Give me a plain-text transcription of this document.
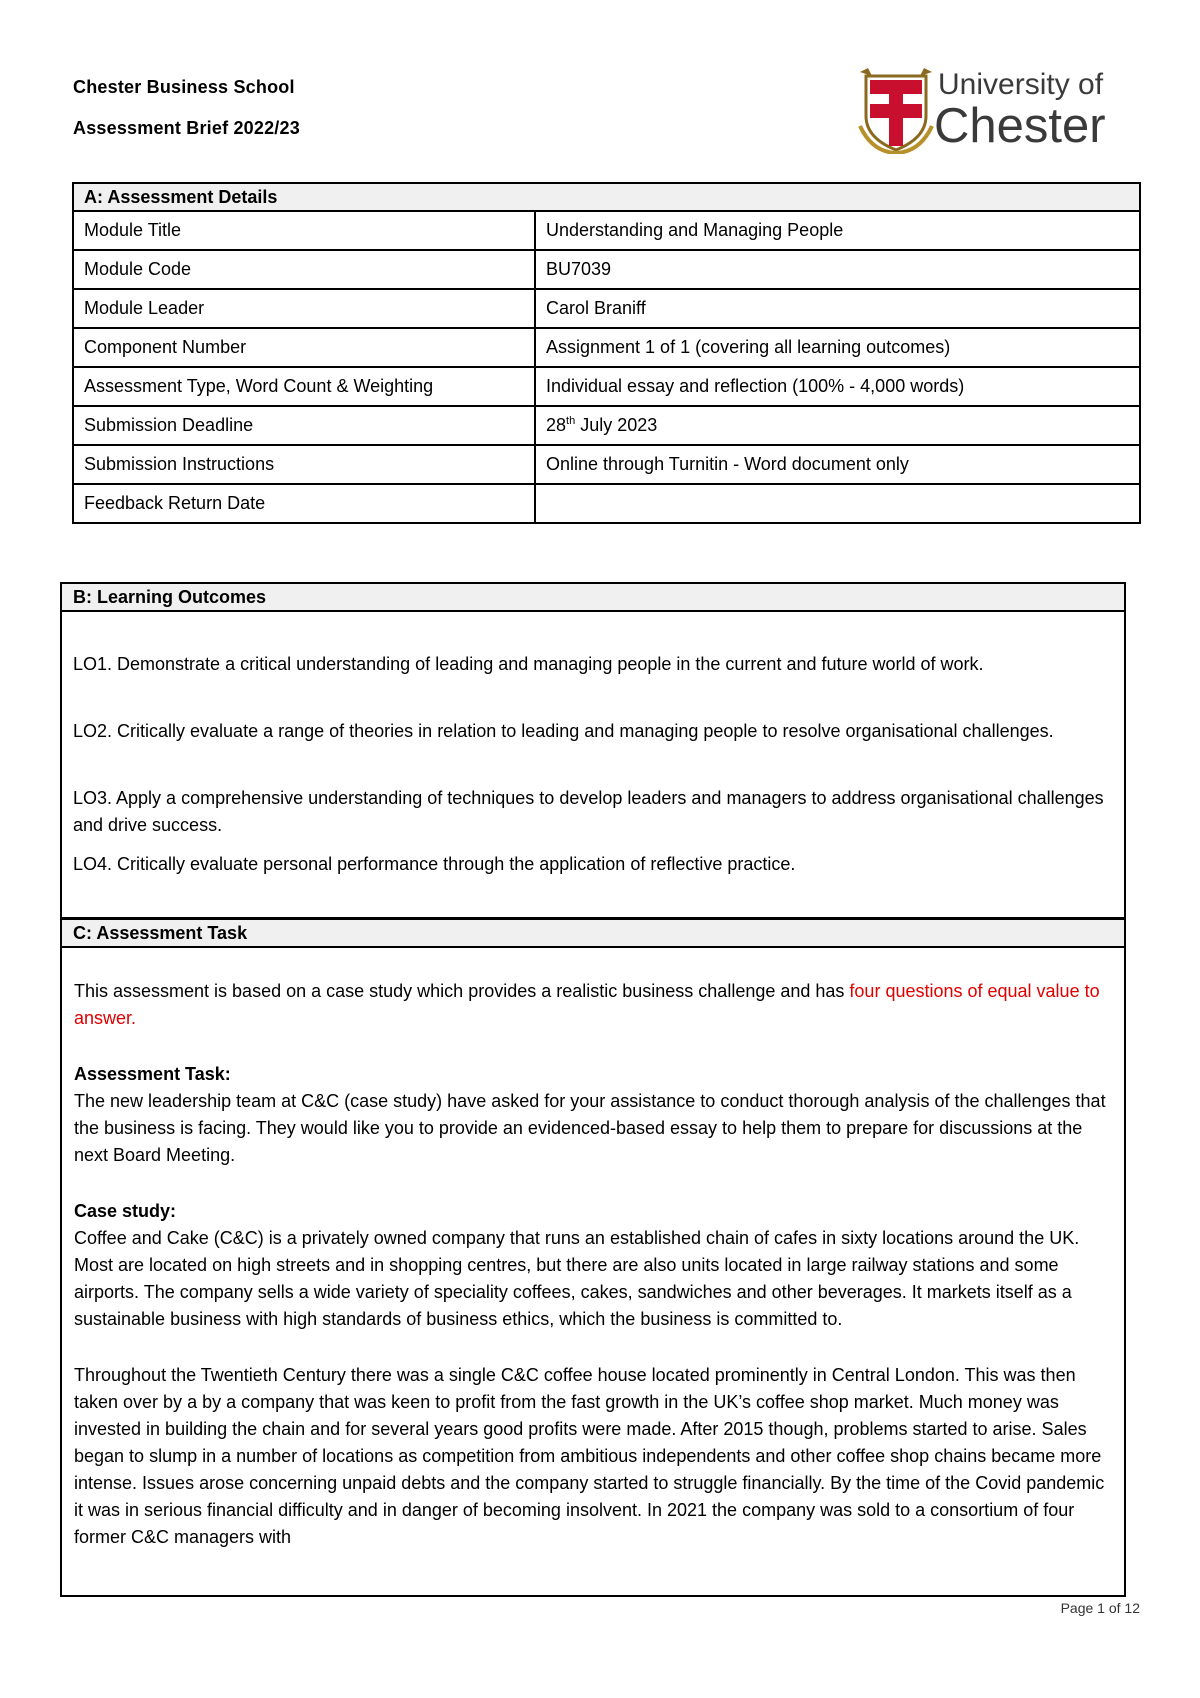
Chester Business School
Assessment Brief 2022/23
University of
Chester
A: Assessment Details	
Module Title	Understanding and Managing People
Module Code	BU7039
Module Leader	Carol Braniff
Component Number	Assignment 1 of 1 (covering all learning outcomes)
Assessment Type, Word Count & Weighting	Individual essay and reflection (100% - 4,000 words)
Submission Deadline	28th July 2023
Submission Instructions	Online through Turnitin - Word document only
Feedback Return Date	
B: Learning Outcomes
LO1. Demonstrate a critical understanding of leading and managing people in the current and future world of work.
LO2. Critically evaluate a range of theories in relation to leading and managing people to resolve organisational challenges.
LO3. Apply a comprehensive understanding of techniques to develop leaders and managers to address organisational challenges and drive success.
LO4. Critically evaluate personal performance through the application of reflective practice.
C: Assessment Task

This assessment is based on a case study which provides a realistic business challenge and has four questions of equal value to answer.

Assessment Task:
The new leadership team at C&C (case study) have asked for your assistance to conduct thorough analysis of the challenges that the business is facing. They would like you to provide an evidenced-based essay to help them to prepare for discussions at the next Board Meeting.

Case study:
Coffee and Cake (C&C) is a privately owned company that runs an established chain of cafes in sixty locations around the UK. Most are located on high streets and in shopping centres, but there are also units located in large railway stations and some airports. The company sells a wide variety of speciality coffees, cakes, sandwiches and other beverages. It markets itself as a sustainable business with high standards of business ethics, which the business is committed to.

Throughout the Twentieth Century there was a single C&C coffee house located prominently in Central London. This was then taken over by a by a company that was keen to profit from the fast growth in the UK’s coffee shop market. Much money was invested in building the chain and for several years good profits were made. After 2015 though, problems started to arise. Sales began to slump in a number of locations as competition from ambitious independents and other coffee shop chains became more intense. Issues arose concerning unpaid debts and the company started to struggle financially. By the time of the Covid pandemic it was in serious financial difficulty and in danger of becoming insolvent. In 2021 the company was sold to a consortium of four former C&C managers with

Page 1 of 12
